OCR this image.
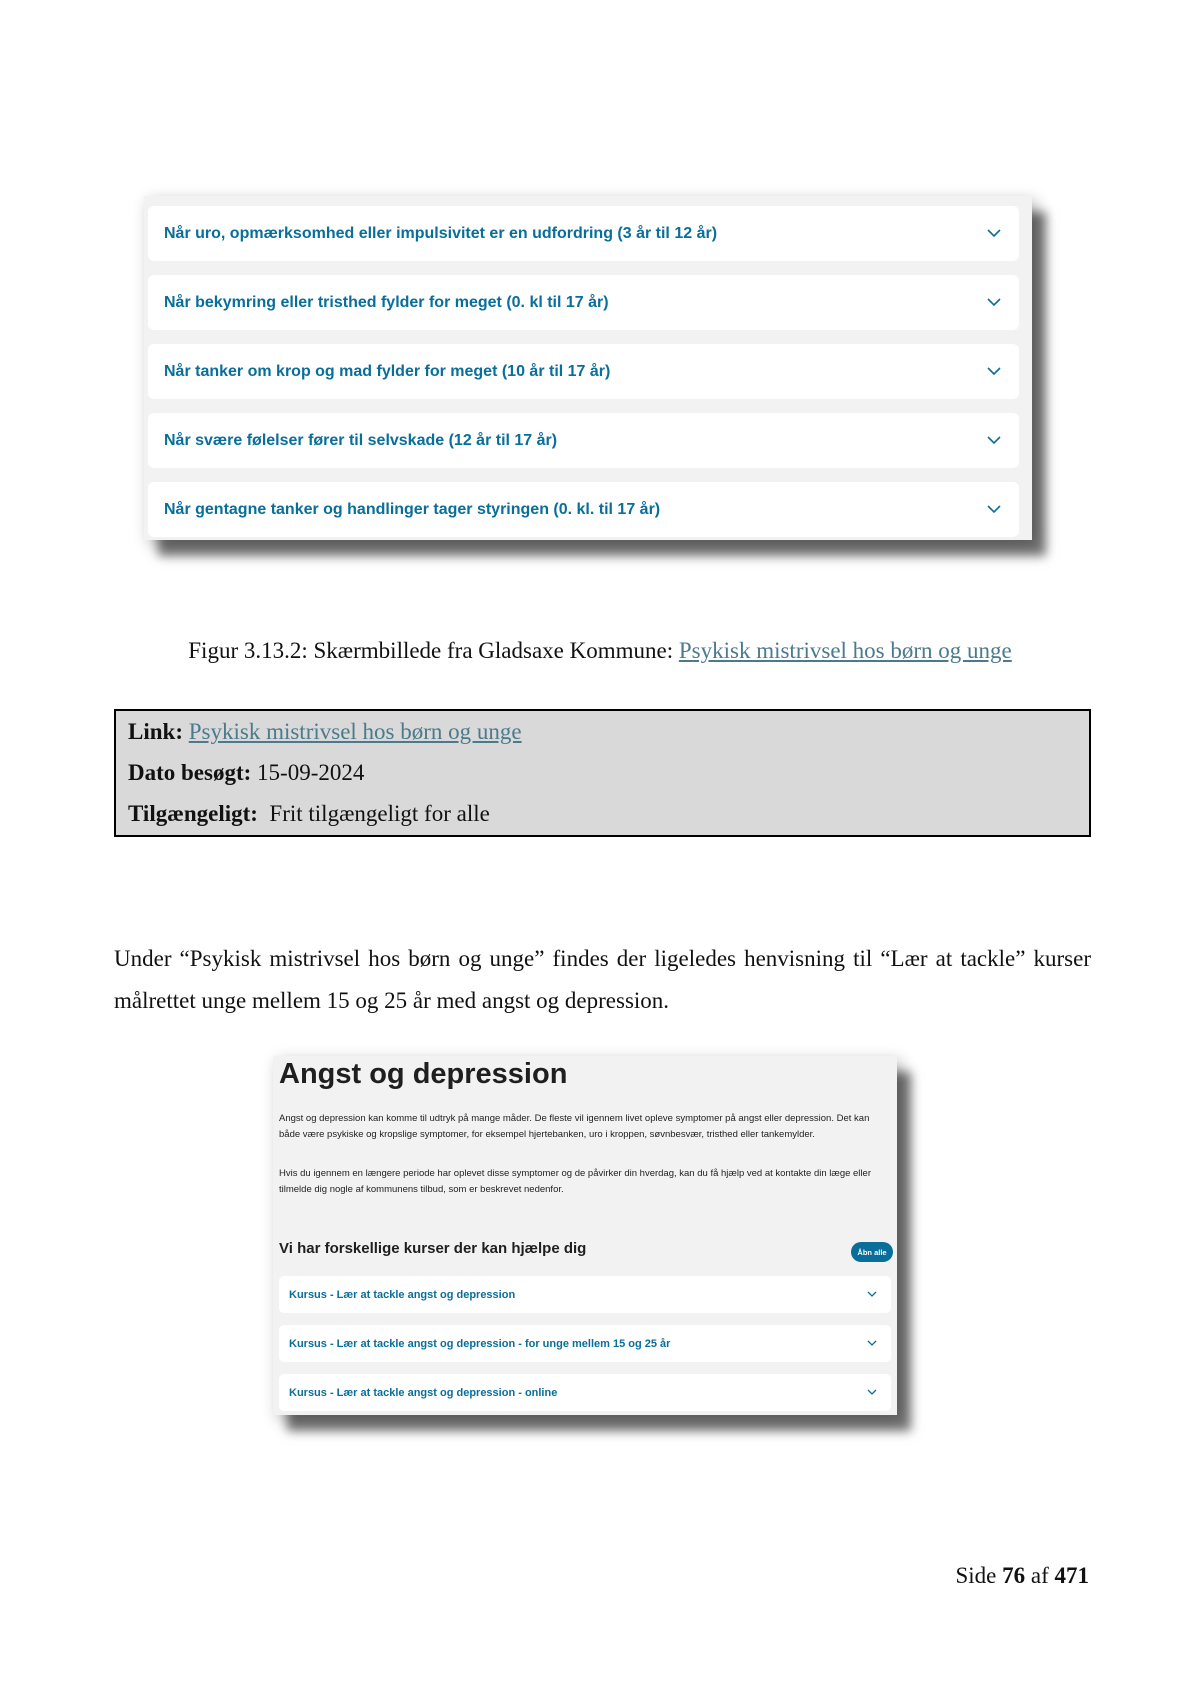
Når uro, opmærksomhed eller impulsivitet er en udfordring (3 år til 12 år)
Når bekymring eller tristhed fylder for meget (0. kl til 17 år)
Når tanker om krop og mad fylder for meget (10 år til 17 år)
Når svære følelser fører til selvskade (12 år til 17 år)
Når gentagne tanker og handlinger tager styringen (0. kl. til 17 år)
Figur 3.13.2: Skærmbillede fra Gladsaxe Kommune: Psykisk mistrivsel hos børn og unge
Link: Psykisk mistrivsel hos børn og unge
Dato besøgt: 15-09-2024
Tilgængeligt: Frit tilgængeligt for alle

Under “Psykisk mistrivsel hos børn og unge” findes der ligeledes henvisning til “Lær at tackle” kurser målrettet unge mellem 15 og 25 år med angst og depression.

Angst og depression
Angst og depression kan komme til udtryk på mange måder. De fleste vil igennem livet opleve symptomer på angst eller depression. Det kan både være psykiske og kropslige symptomer, for eksempel hjertebanken, uro i kroppen, søvnbesvær, tristhed eller tankemylder.
Hvis du igennem en længere periode har oplevet disse symptomer og de påvirker din hverdag, kan du få hjælp ved at kontakte din læge eller tilmelde dig nogle af kommunens tilbud, som er beskrevet nedenfor.
Vi har forskellige kurser der kan hjælpe dig	Åbn alle
Kursus - Lær at tackle angst og depression
Kursus - Lær at tackle angst og depression - for unge mellem 15 og 25 år
Kursus - Lær at tackle angst og depression - online
Side 76 af 471
